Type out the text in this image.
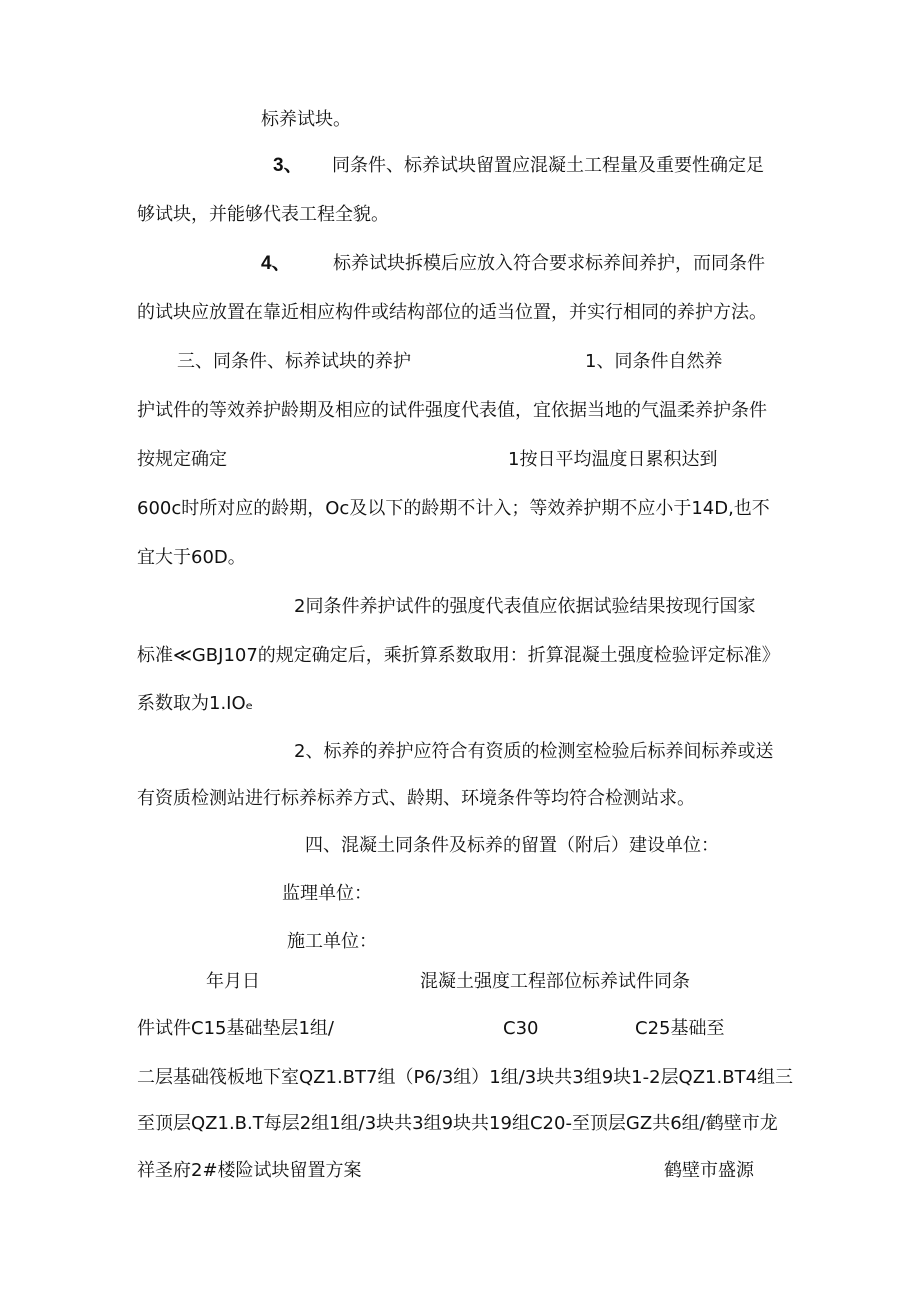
标养试块。
3、 同条件、标养试块留置应混凝土工程量及重要性确定足
够试块，并能够代表工程全貌。
4、 标养试块拆模后应放入符合要求标养间养护，而同条件
的试块应放置在靠近相应构件或结构部位的适当位置，并实行相同的养护方法。
三、同条件、标养试块的养护	1、同条件自然养
护试件的等效养护龄期及相应的试件强度代表值，宜依据当地的气温柔养护条件
按规定确定	1按日平均温度日累积达到
600c时所对应的龄期，Oc及以下的龄期不计入；等效养护期不应小于14D,也不
宜大于60D。
2同条件养护试件的强度代表值应依据试验结果按现行国家
标准≪GBJ107的规定确定后，乘折算系数取用：折算混凝土强度检验评定标准》
系数取为1.IOₑ
2、标养的养护应符合有资质的检测室检验后标养间标养或送
有资质检测站进行标养标养方式、龄期、环境条件等均符合检测站求。
四、混凝土同条件及标养的留置（附后）建设单位：
监理单位：
施工单位：
年月日	混凝土强度工程部位标养试件同条
件试件C15基础垫层1组/	C30	C25基础至
二层基础筏板地下室QZ1.BT7组（P6/3组）1组/3块共3组9块1-2层QZ1.BT4组三
至顶层QZ1.B.T每层2组1组/3块共3组9块共19组C20-至顶层GZ共6组/鹤壁市龙
祥圣府2#楼险试块留置方案	鹤壁市盛源
